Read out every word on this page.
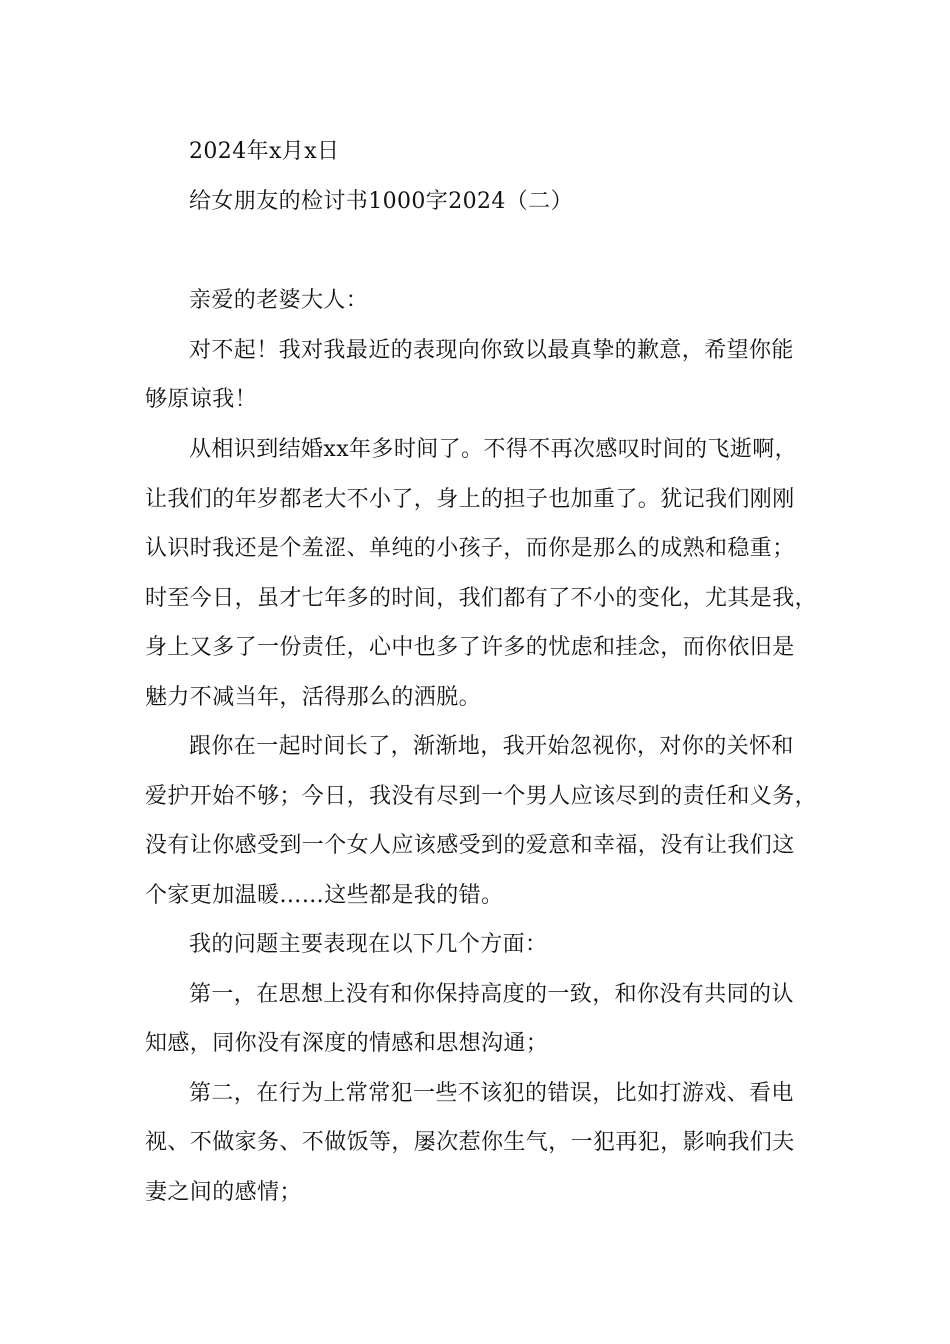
2024年x月x日
给女朋友的检讨书1000字2024（二）
亲爱的老婆大人：
对不起！我对我最近的表现向你致以最真挚的歉意，希望你能
够原谅我！
从相识到结婚xx年多时间了。不得不再次感叹时间的飞逝啊，
让我们的年岁都老大不小了，身上的担子也加重了。犹记我们刚刚
认识时我还是个羞涩、单纯的小孩子，而你是那么的成熟和稳重；
时至今日，虽才七年多的时间，我们都有了不小的变化，尤其是我，
身上又多了一份责任，心中也多了许多的忧虑和挂念，而你依旧是
魅力不减当年，活得那么的洒脱。
跟你在一起时间长了，渐渐地，我开始忽视你，对你的关怀和
爱护开始不够；今日，我没有尽到一个男人应该尽到的责任和义务，
没有让你感受到一个女人应该感受到的爱意和幸福，没有让我们这
个家更加温暖……这些都是我的错。
我的问题主要表现在以下几个方面：
第一，在思想上没有和你保持高度的一致，和你没有共同的认
知感，同你没有深度的情感和思想沟通；
第二，在行为上常常犯一些不该犯的错误，比如打游戏、看电
视、不做家务、不做饭等，屡次惹你生气，一犯再犯，影响我们夫
妻之间的感情；
